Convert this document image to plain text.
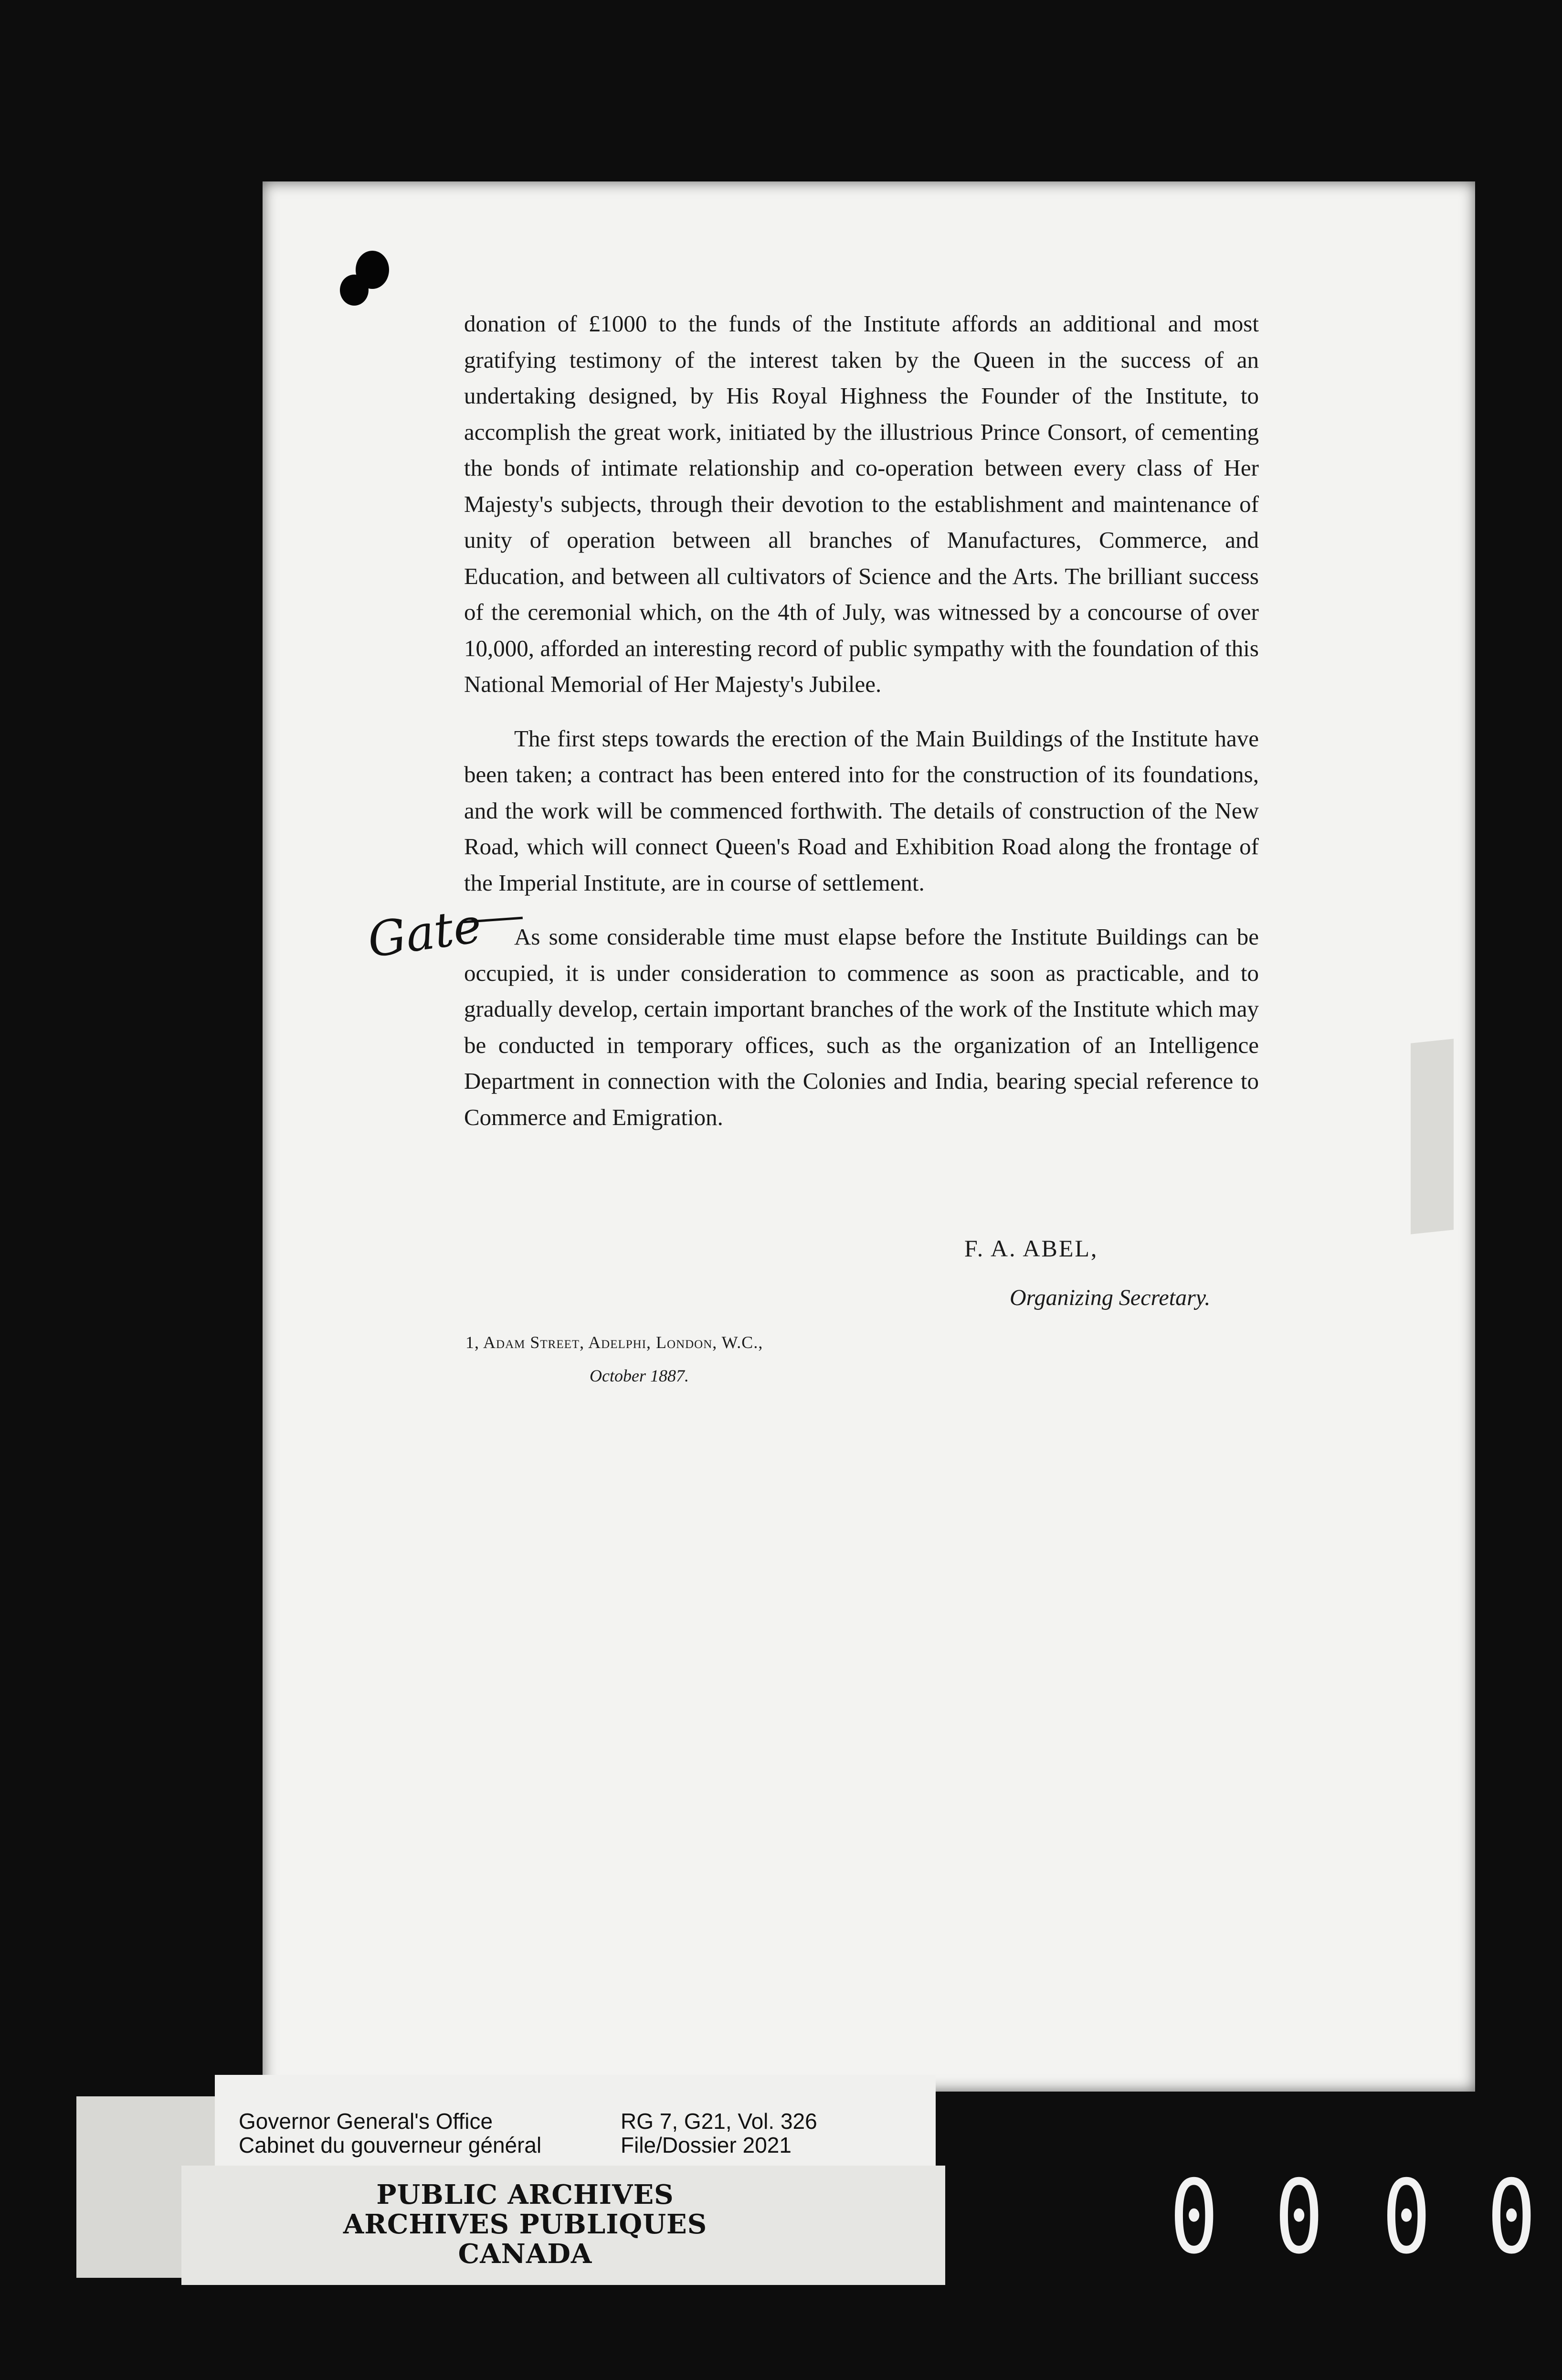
donation of £1000 to the funds of the Institute affords an additional and most gratifying testimony of the interest taken by the Queen in the success of an undertaking designed, by His Royal Highness the Founder of the Institute, to accomplish the great work, initiated by the illustrious Prince Consort, of cementing the bonds of intimate relationship and co-operation between every class of Her Majesty's subjects, through their devotion to the establishment and maintenance of unity of operation between all branches of Manufactures, Commerce, and Education, and between all cultivators of Science and the Arts. The brilliant success of the ceremonial which, on the 4th of July, was witnessed by a concourse of over 10,000, afforded an interesting record of public sympathy with the foundation of this National Memorial of Her Majesty's Jubilee.

The first steps towards the erection of the Main Buildings of the Institute have been taken; a contract has been entered into for the construction of its foundations, and the work will be commenced forthwith. The details of construction of the New Road, which will connect Queen's Road and Exhibition Road along the frontage of the Imperial Institute, are in course of settlement.

As some considerable time must elapse before the Institute Buildings can be occupied, it is under consideration to commence as soon as practicable, and to gradually develop, certain important branches of the work of the Institute which may be conducted in temporary offices, such as the organization of an Intelligence Department in connection with the Colonies and India, bearing special reference to Commerce and Emigration.

Gate
F. A. ABEL,
Organizing Secretary.
1, Adam Street, Adelphi, London, W.C.,
October 1887.
Governor General's Office
Cabinet du gouverneur général
RG 7, G21, Vol. 326
File/Dossier 2021
PUBLIC ARCHIVES
ARCHIVES PUBLIQUES
CANADA	0 0 0 0
